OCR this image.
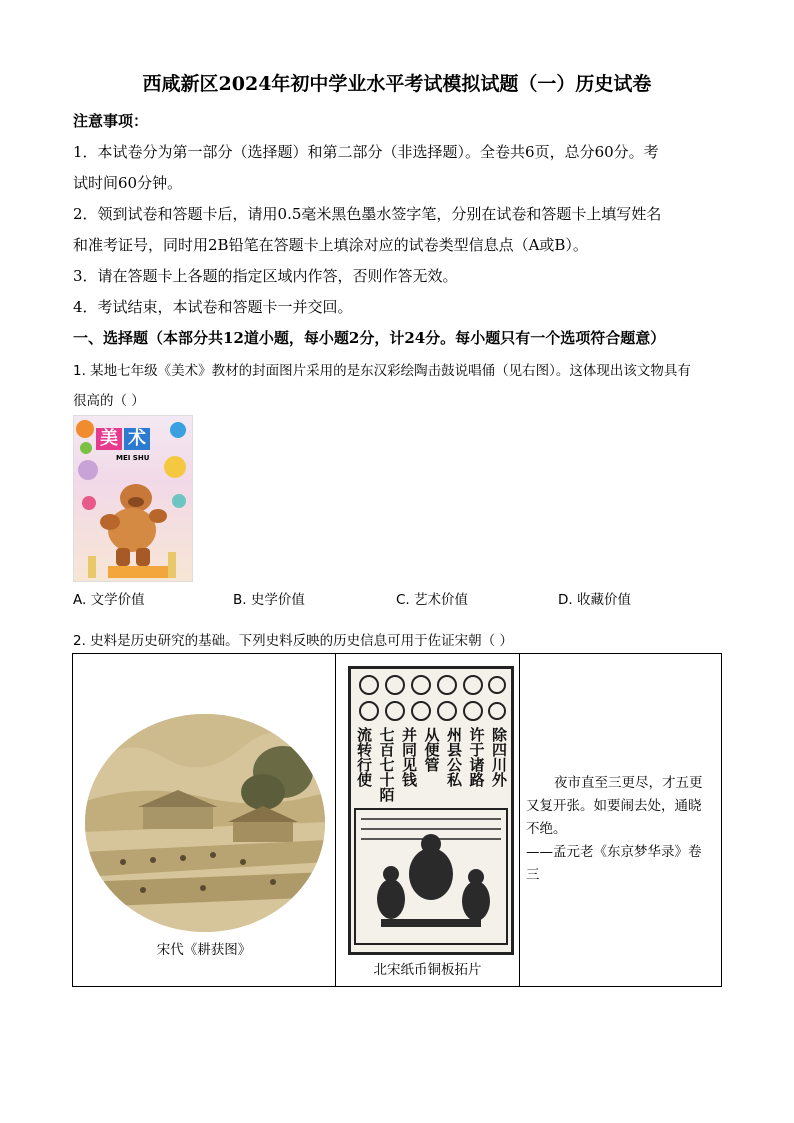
西咸新区2024年初中学业水平考试模拟试题（一）历史试卷
注意事项：
1．本试卷分为第一部分（选择题）和第二部分（非选择题）。全卷共6页，总分60分。考
试时间60分钟。
2．领到试卷和答题卡后，请用0.5毫米黑色墨水签字笔，分别在试卷和答题卡上填写姓名
和准考证号，同时用2B铅笔在答题卡上填涂对应的试卷类型信息点（A或B）。
3．请在答题卡上各题的指定区域内作答，否则作答无效。
4．考试结束，本试卷和答题卡一并交回。
一、选择题（本部分共12道小题，每小题2分，计24分。每小题只有一个选项符合题意）
1. 某地七年级《美术》教材的封面图片采用的是东汉彩绘陶击鼓说唱俑（见右图）。这体现出该文物具有
很高的（ ）
美 术
MEI SHU
A. 文学价值	B. 史学价值	C. 艺术价值	D. 收藏价值
2. 史料是历史研究的基础。下列史料反映的历史信息可用于佐证宋朝（ ）
宋代《耕获图》

除四川外
许于诸路
州县公私
从便管
并同见钱
七百七十陌
流转行使
北宋纸币铜板拓片

夜市直至三更尽，才五更
又复开张。如要闹去处，通晓
不绝。
——孟元老《东京梦华录》卷
三
